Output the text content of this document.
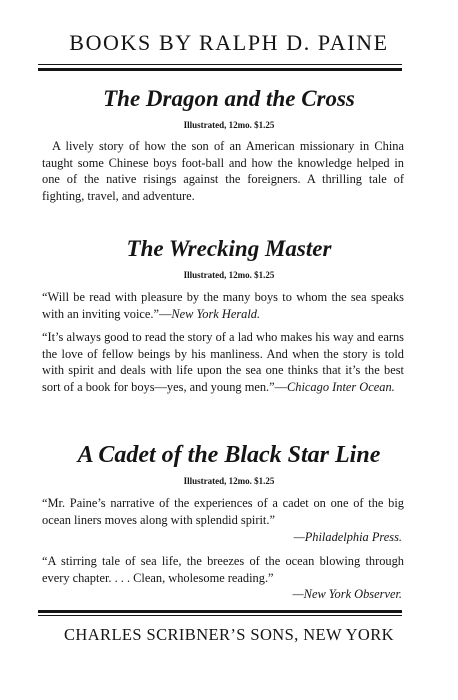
BOOKS BY RALPH D. PAINE
The Dragon and the Cross
Illustrated, 12mo. $1.25
A lively story of how the son of an American missionary in China taught some Chinese boys foot-ball and how the knowledge helped in one of the native risings against the foreigners. A thrilling tale of fighting, travel, and adventure.
The Wrecking Master
Illustrated, 12mo. $1.25
“Will be read with pleasure by the many boys to whom the sea speaks with an inviting voice.”—New York Herald.
“It’s always good to read the story of a lad who makes his way and earns the love of fellow beings by his manliness. And when the story is told with spirit and deals with life upon the sea one thinks that it’s the best sort of a book for boys—yes, and young men.”—Chicago Inter Ocean.
A Cadet of the Black Star Line
Illustrated, 12mo. $1.25
“Mr. Paine’s narrative of the experiences of a cadet on one of the big ocean liners moves along with splendid spirit.”
—Philadelphia Press.
“A stirring tale of sea life, the breezes of the ocean blowing through every chapter. . . . Clean, wholesome reading.”
—New York Observer.
CHARLES SCRIBNER’S SONS, NEW YORK
